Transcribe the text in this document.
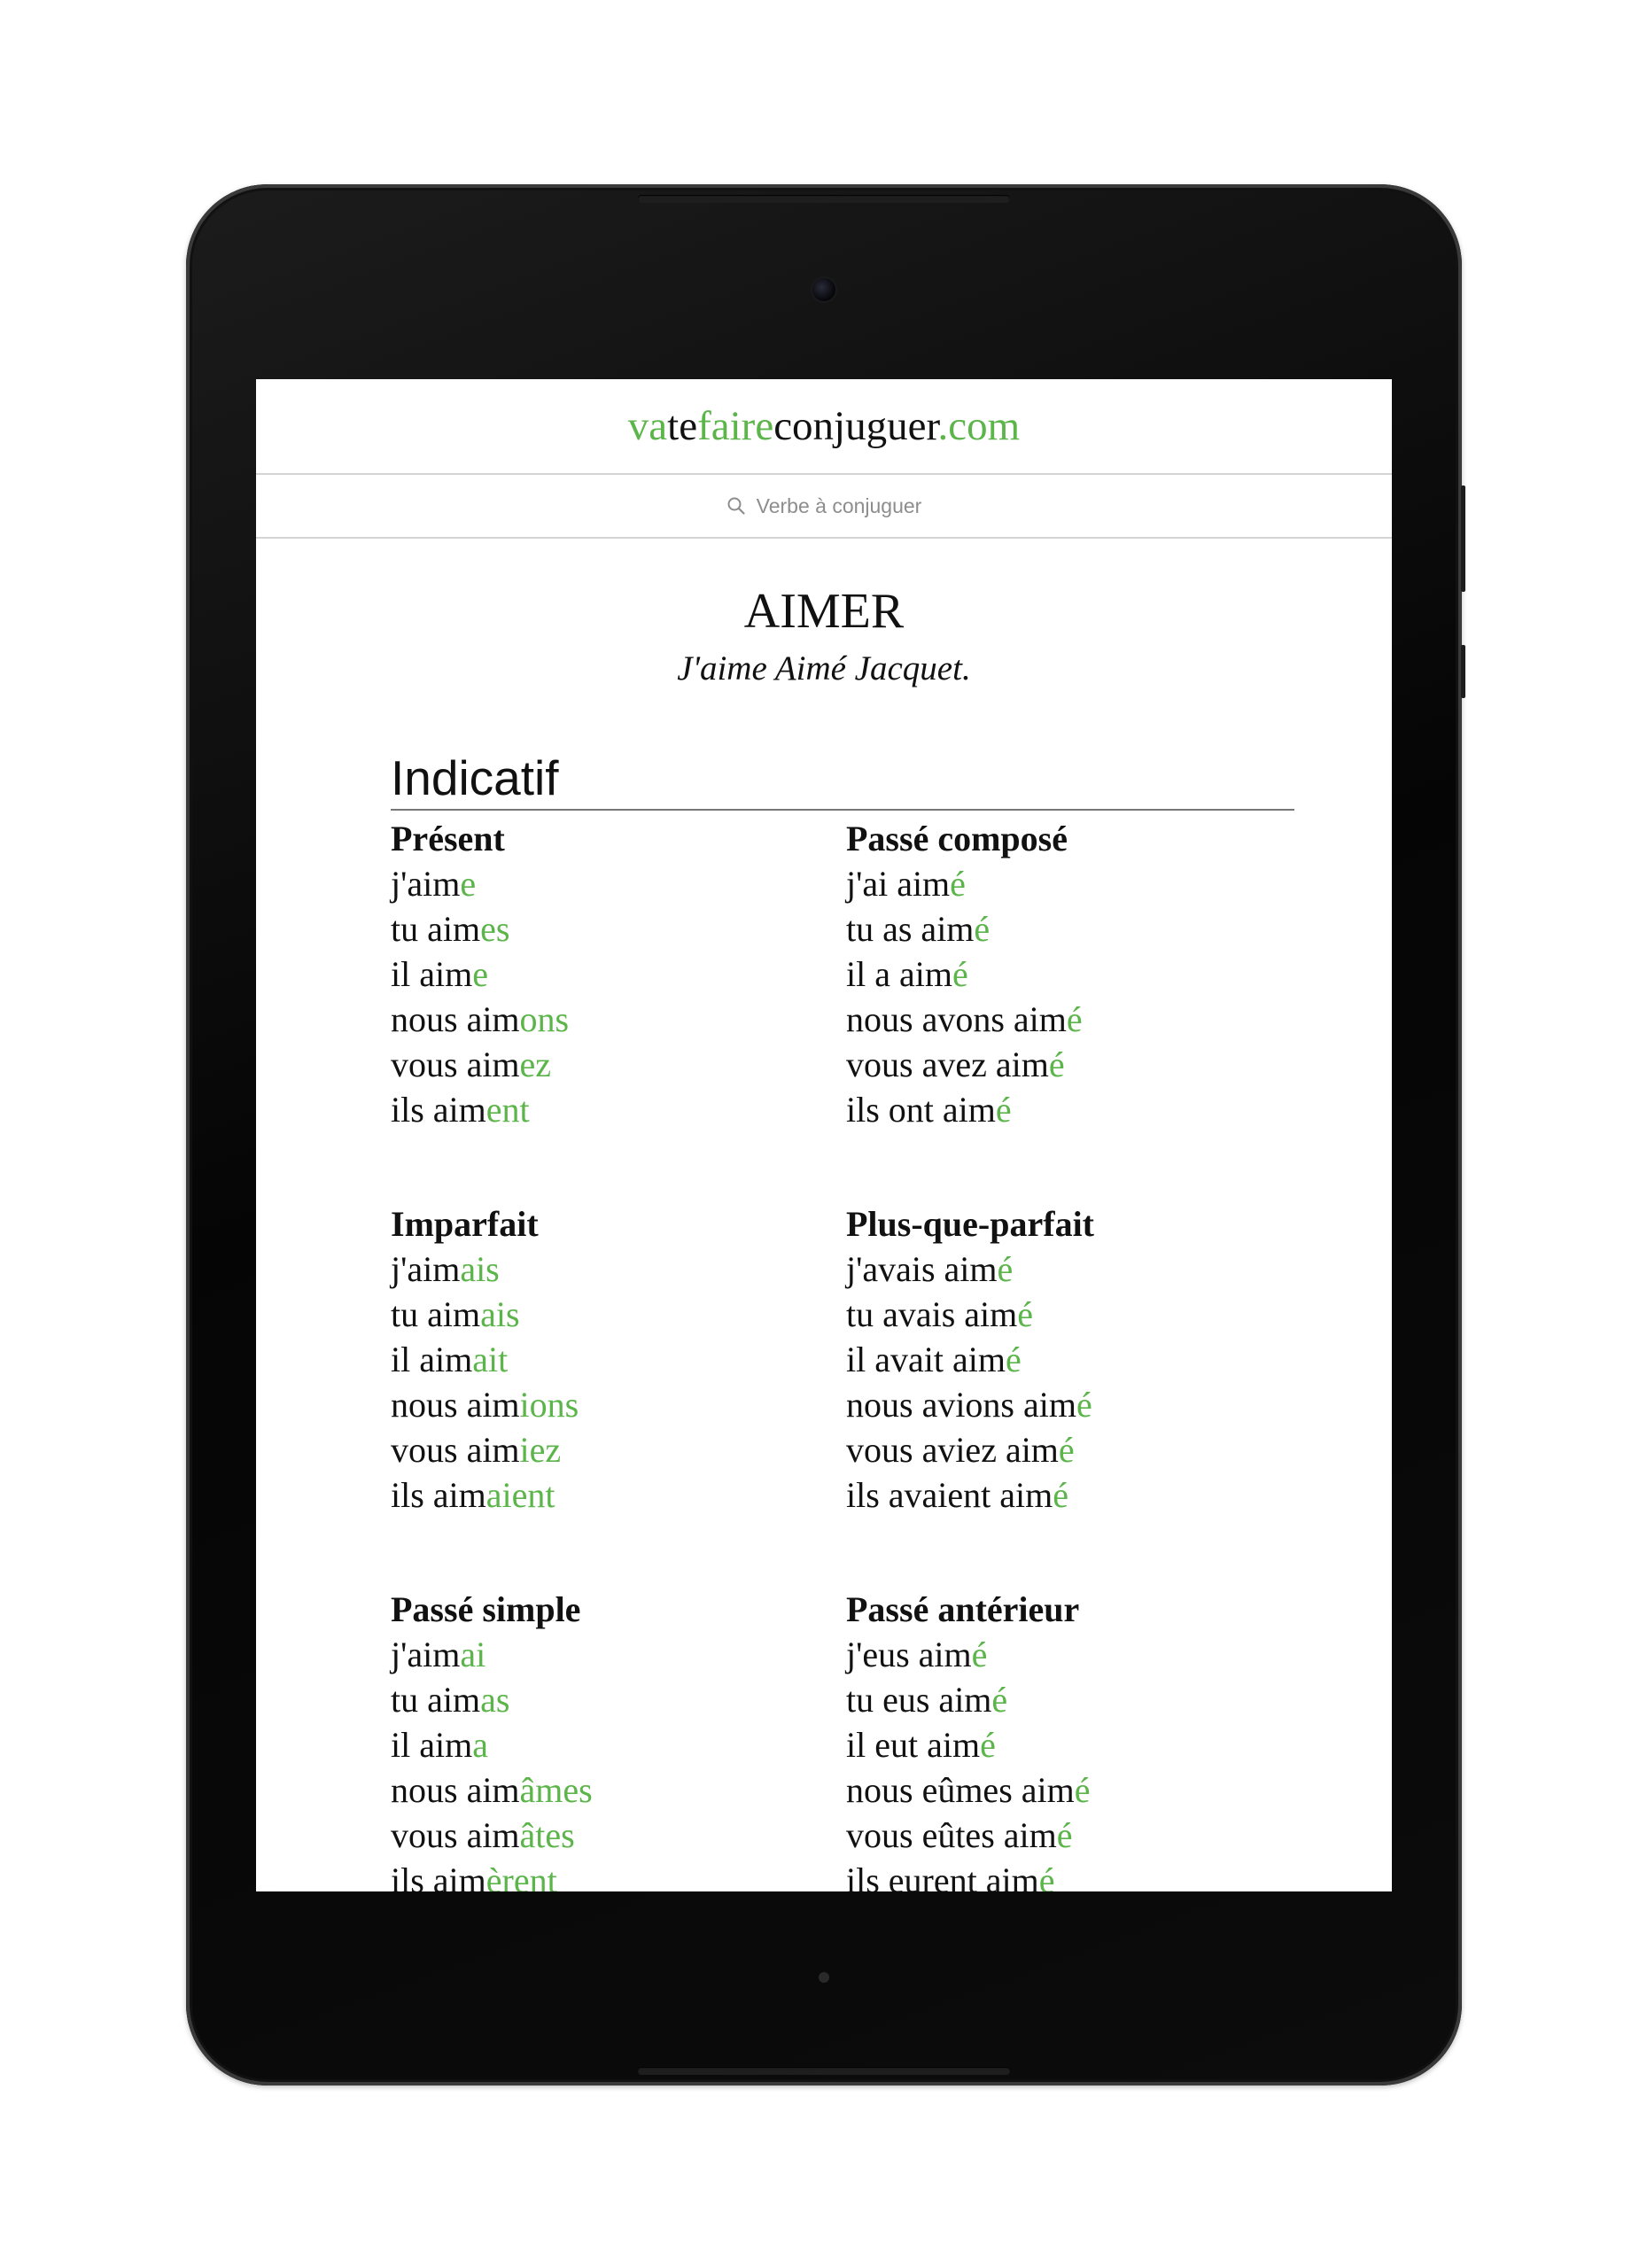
vatefaireconjuguer.com
Verbe à conjuguer
AIMER
J'aime Aimé Jacquet.
Indicatif
Présent
j'aime
tu aimes
il aime
nous aimons
vous aimez
ils aiment
Passé composé
j'ai aimé
tu as aimé
il a aimé
nous avons aimé
vous avez aimé
ils ont aimé
Imparfait
j'aimais
tu aimais
il aimait
nous aimions
vous aimiez
ils aimaient
Plus-que-parfait
j'avais aimé
tu avais aimé
il avait aimé
nous avions aimé
vous aviez aimé
ils avaient aimé
Passé simple
j'aimai
tu aimas
il aima
nous aimâmes
vous aimâtes
ils aimèrent
Passé antérieur
j'eus aimé
tu eus aimé
il eut aimé
nous eûmes aimé
vous eûtes aimé
ils eurent aimé
